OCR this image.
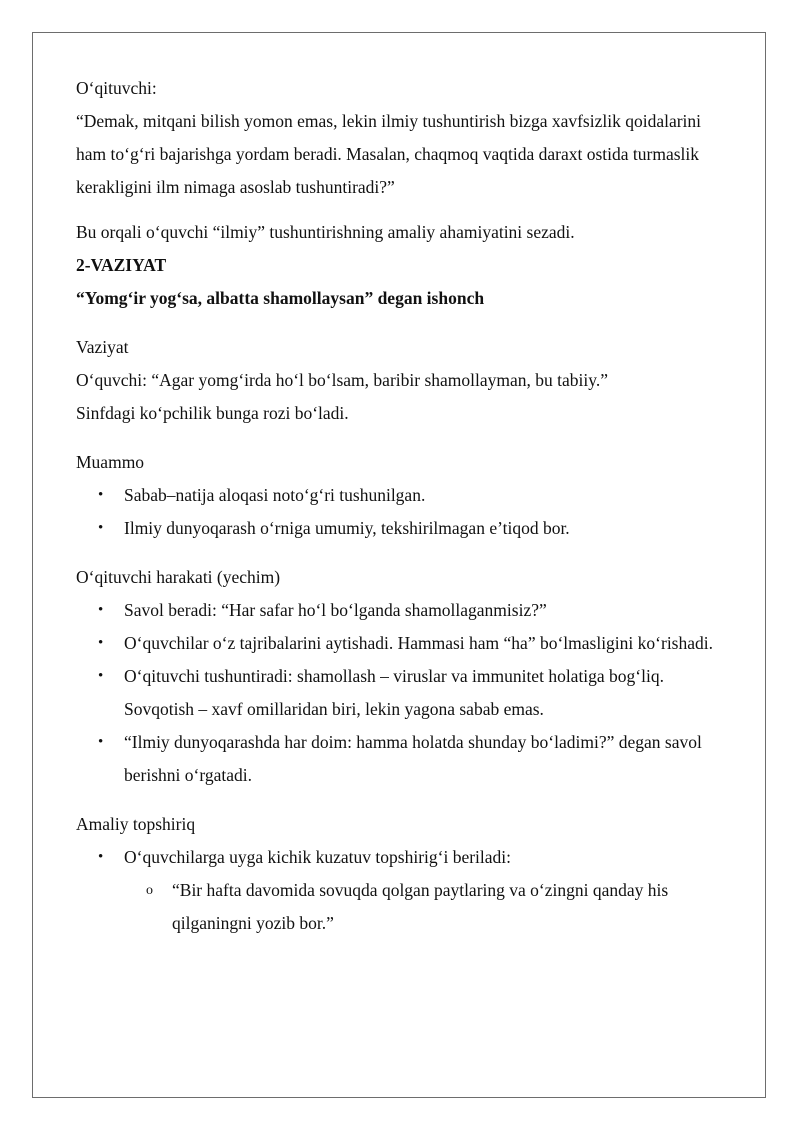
O‘qituvchi:

“Demak, mitqani bilish yomon emas, lekin ilmiy tushuntirish bizga xavfsizlik qoidalarini ham to‘g‘ri bajarishga yordam beradi. Masalan, chaqmoq vaqtida daraxt ostida turmaslik kerakligini ilm nimaga asoslab tushuntiradi?”

Bu orqali o‘quvchi “ilmiy” tushuntirishning amaliy ahamiyatini sezadi.

2-VAZIYAT

“Yomg‘ir yog‘sa, albatta shamollaysan” degan ishonch

Vaziyat

O‘quvchi: “Agar yomg‘irda ho‘l bo‘lsam, baribir shamollayman, bu tabiiy.”

Sinfdagi ko‘pchilik bunga rozi bo‘ladi.

Muammo

• Sabab–natija aloqasi noto‘g‘ri tushunilgan.
• Ilmiy dunyoqarash o‘rniga umumiy, tekshirilmagan e’tiqod bor.

O‘qituvchi harakati (yechim)

• Savol beradi: “Har safar ho‘l bo‘lganda shamollaganmisiz?”
• O‘quvchilar o‘z tajribalarini aytishadi. Hammasi ham “ha” bo‘lmasligini ko‘rishadi.
• O‘qituvchi tushuntiradi: shamollash – viruslar va immunitet holatiga bog‘liq. Sovqotish – xavf omillaridan biri, lekin yagona sabab emas.
• “Ilmiy dunyoqarashda har doim: hamma holatda shunday bo‘ladimi?” degan savol berishni o‘rgatadi.

Amaliy topshiriq

• O‘quvchilarga uyga kichik kuzatuv topshirig‘i beriladi:
o “Bir hafta davomida sovuqda qolgan paytlaring va o‘zingni qanday his qilganingni yozib bor.”
